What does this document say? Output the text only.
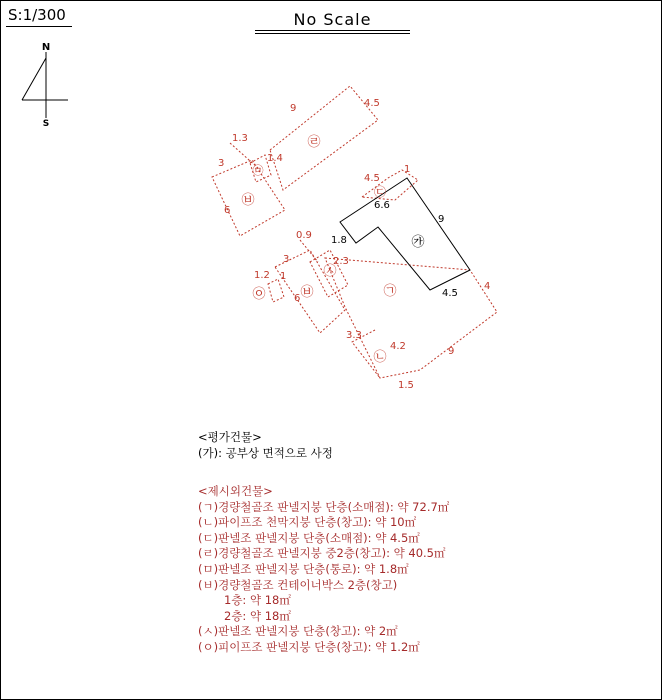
S:1/300	No Scale
N
S
㉣
㉤
㉥
㉢
㉠
㉡
㉦
㉥
㉧
㉮
9	4.5
1.3
1.4
3
6
4.5
1
4
9
3.3
4.2
1.5
0.9
2.3
3
6
1.2 1
6.6
9
1.8
4.5
<평가건물>
(가): 공부상 면적으로 사정
<제시외건물>
(ㄱ)경량철골조 판넬지붕 단층(소매점): 약 72.7㎡
(ㄴ)파이프조 천막지붕 단층(창고): 약 10㎡
(ㄷ)판넬조 판넬지붕 단층(소매점): 약 4.5㎡
(ㄹ)경량철골조 판넬지붕 중2층(창고): 약 40.5㎡
(ㅁ)판넬조 판넬지붕 단층(통로): 약 1.8㎡
(ㅂ)경량철골조 컨테이너박스 2층(창고)
1층: 약 18㎡
2층: 약 18㎡
(ㅅ)판넬조 판넬지붕 단층(창고): 약 2㎡
(ㅇ)피이프조 판넬지붕 단층(창고): 약 1.2㎡
